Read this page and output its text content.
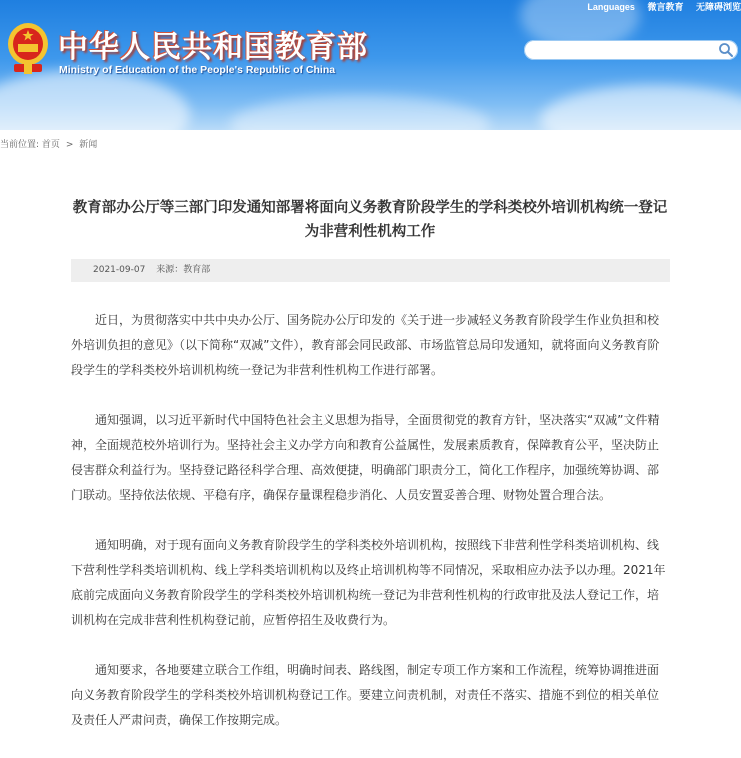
中华人民共和国教育部
Ministry of Education of the People's Republic of China
Languages 微言教育 无障碍浏览
当前位置: 首页 > 新闻
教育部办公厅等三部门印发通知部署将面向义务教育阶段学生的学科类校外培训机构统一登记为非营利性机构工作
2021-09-07 来源：教育部

近日，为贯彻落实中共中央办公厅、国务院办公厅印发的《关于进一步减轻义务教育阶段学生作业负担和校外培训负担的意见》（以下简称“双减”文件），教育部会同民政部、市场监管总局印发通知，就将面向义务教育阶段学生的学科类校外培训机构统一登记为非营利性机构工作进行部署。

通知强调，以习近平新时代中国特色社会主义思想为指导，全面贯彻党的教育方针，坚决落实“双减”文件精神，全面规范校外培训行为。坚持社会主义办学方向和教育公益属性，发展素质教育，保障教育公平，坚决防止侵害群众利益行为。坚持登记路径科学合理、高效便捷，明确部门职责分工，简化工作程序，加强统筹协调、部门联动。坚持依法依规、平稳有序，确保存量课程稳步消化、人员安置妥善合理、财物处置合理合法。

通知明确，对于现有面向义务教育阶段学生的学科类校外培训机构，按照线下非营利性学科类培训机构、线下营利性学科类培训机构、线上学科类培训机构以及终止培训机构等不同情况，采取相应办法予以办理。2021年底前完成面向义务教育阶段学生的学科类校外培训机构统一登记为非营利性机构的行政审批及法人登记工作，培训机构在完成非营利性机构登记前，应暂停招生及收费行为。

通知要求，各地要建立联合工作组，明确时间表、路线图，制定专项工作方案和工作流程，统筹协调推进面向义务教育阶段学生的学科类校外培训机构登记工作。要建立问责机制，对责任不落实、措施不到位的相关单位及责任人严肃问责，确保工作按期完成。
